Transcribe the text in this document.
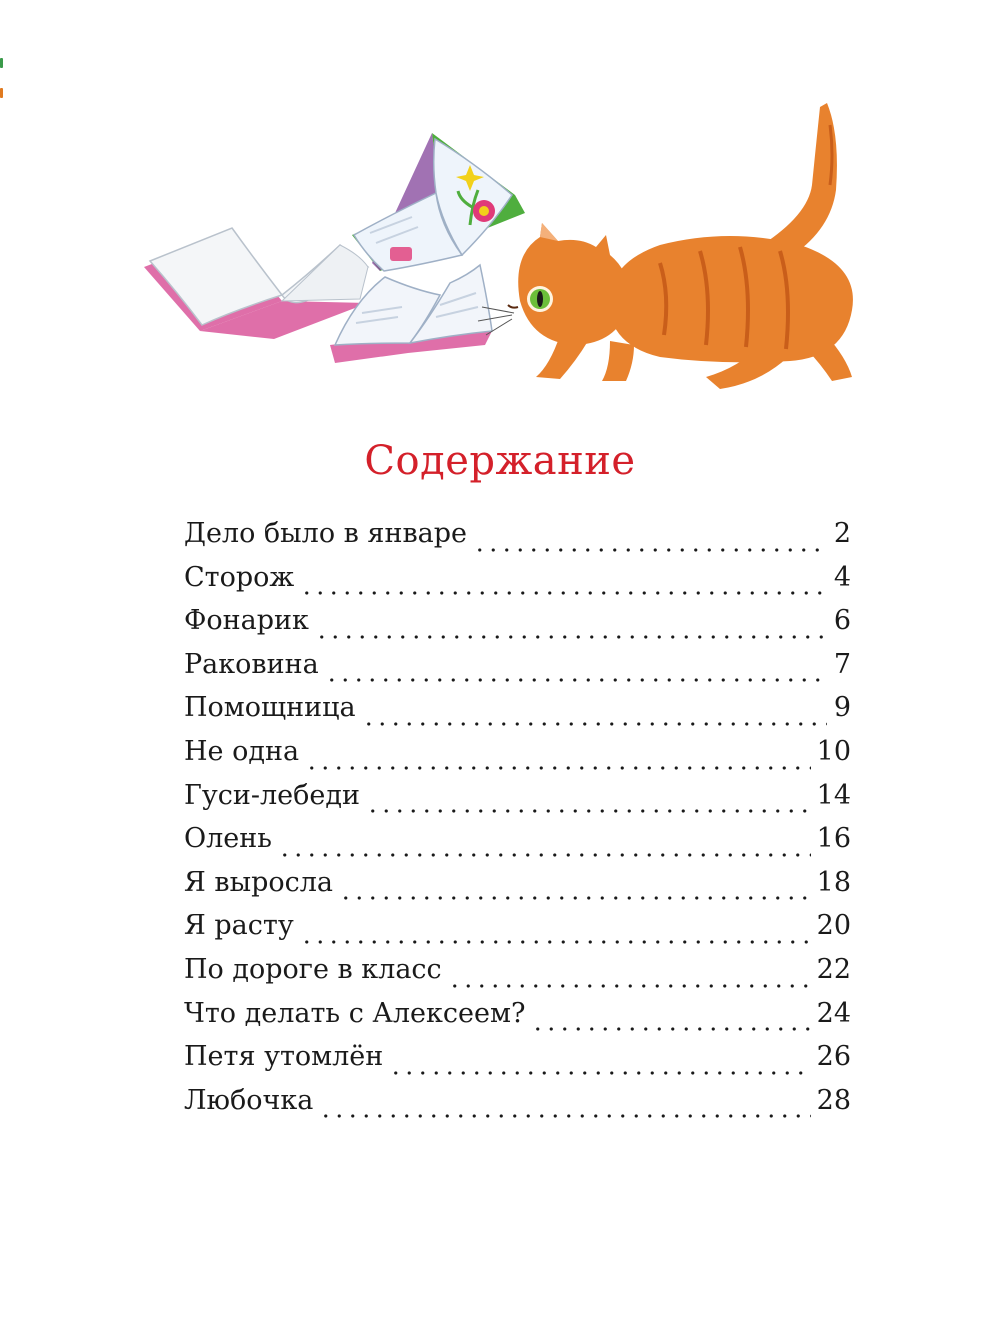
Содержание
Дело было в январе	2
Сторож	4
Фонарик	6
Раковина	7
Помощница	9
Не одна	10
Гуси-лебеди	14
Олень	16
Я выросла	18
Я расту	20
По дороге в класс	22
Что делать с Алексеем?	24
Петя утомлён	26
Любочка	28
